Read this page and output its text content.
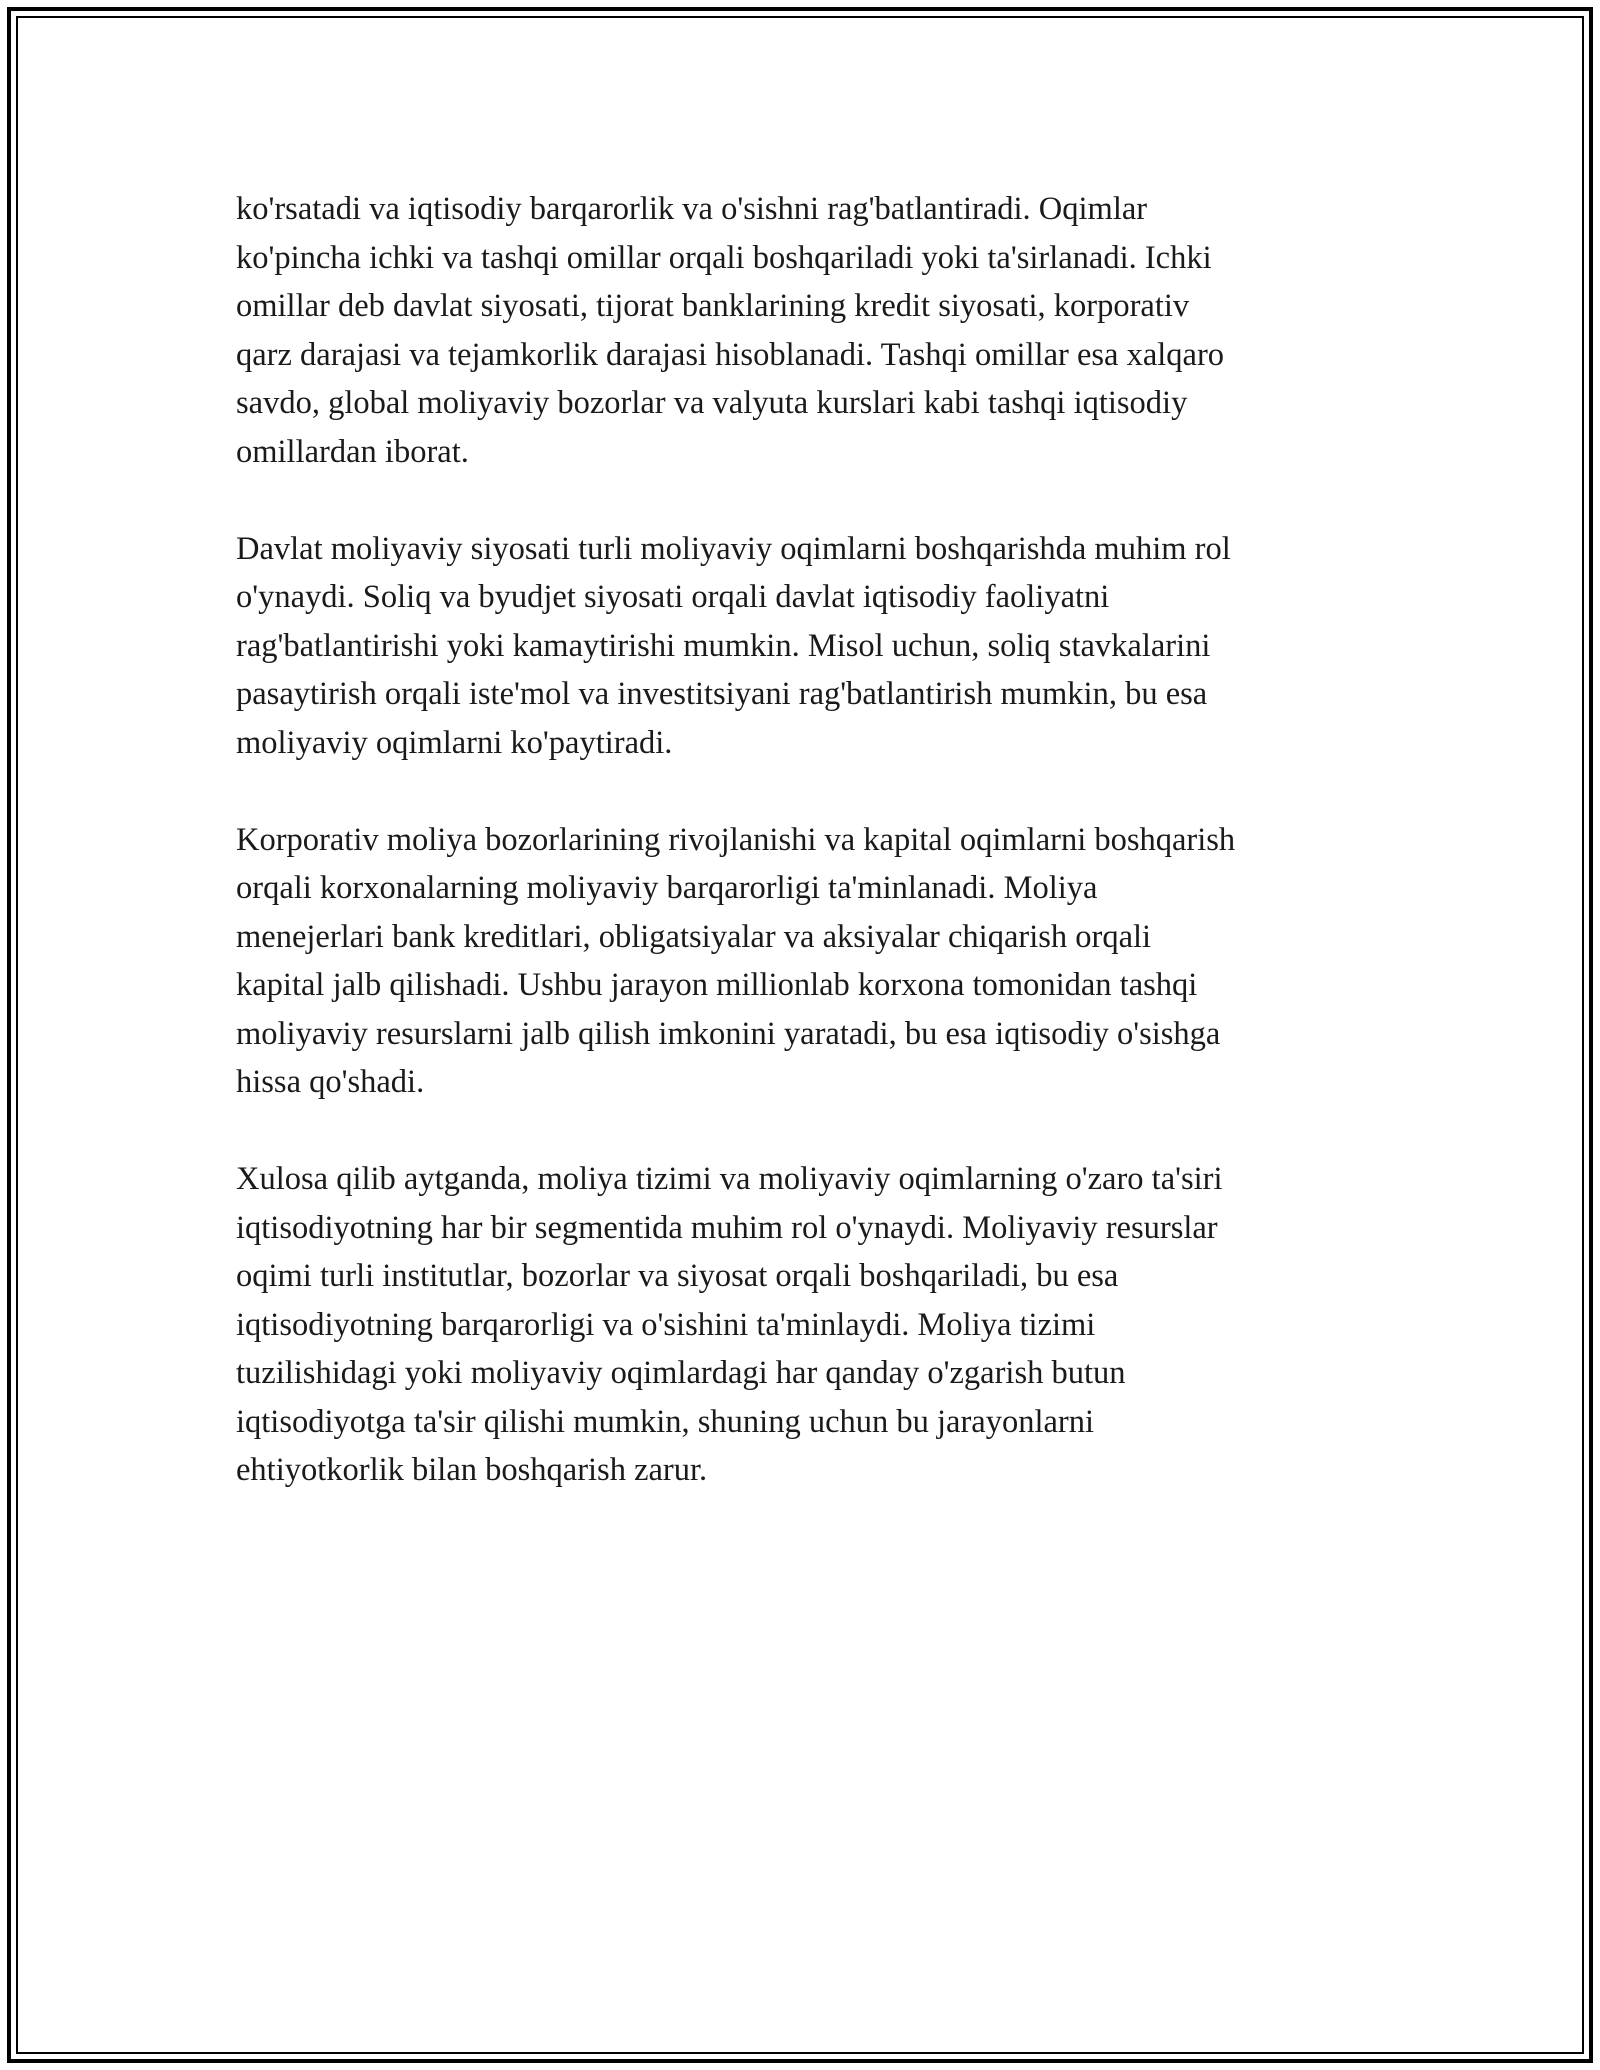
ko'rsatadi va iqtisodiy barqarorlik va o'sishni rag'batlantiradi. Oqimlar
ko'pincha ichki va tashqi omillar orqali boshqariladi yoki ta'sirlanadi. Ichki
omillar deb davlat siyosati, tijorat banklarining kredit siyosati, korporativ
qarz darajasi va tejamkorlik darajasi hisoblanadi. Tashqi omillar esa xalqaro
savdo, global moliyaviy bozorlar va valyuta kurslari kabi tashqi iqtisodiy
omillardan iborat.

Davlat moliyaviy siyosati turli moliyaviy oqimlarni boshqarishda muhim rol
o'ynaydi. Soliq va byudjet siyosati orqali davlat iqtisodiy faoliyatni
rag'batlantirishi yoki kamaytirishi mumkin. Misol uchun, soliq stavkalarini
pasaytirish orqali iste'mol va investitsiyani rag'batlantirish mumkin, bu esa
moliyaviy oqimlarni ko'paytiradi.

Korporativ moliya bozorlarining rivojlanishi va kapital oqimlarni boshqarish
orqali korxonalarning moliyaviy barqarorligi ta'minlanadi. Moliya
menejerlari bank kreditlari, obligatsiyalar va aksiyalar chiqarish orqali
kapital jalb qilishadi. Ushbu jarayon millionlab korxona tomonidan tashqi
moliyaviy resurslarni jalb qilish imkonini yaratadi, bu esa iqtisodiy o'sishga
hissa qo'shadi.

Xulosa qilib aytganda, moliya tizimi va moliyaviy oqimlarning o'zaro ta'siri
iqtisodiyotning har bir segmentida muhim rol o'ynaydi. Moliyaviy resurslar
oqimi turli institutlar, bozorlar va siyosat orqali boshqariladi, bu esa
iqtisodiyotning barqarorligi va o'sishini ta'minlaydi. Moliya tizimi
tuzilishidagi yoki moliyaviy oqimlardagi har qanday o'zgarish butun
iqtisodiyotga ta'sir qilishi mumkin, shuning uchun bu jarayonlarni
ehtiyotkorlik bilan boshqarish zarur.
